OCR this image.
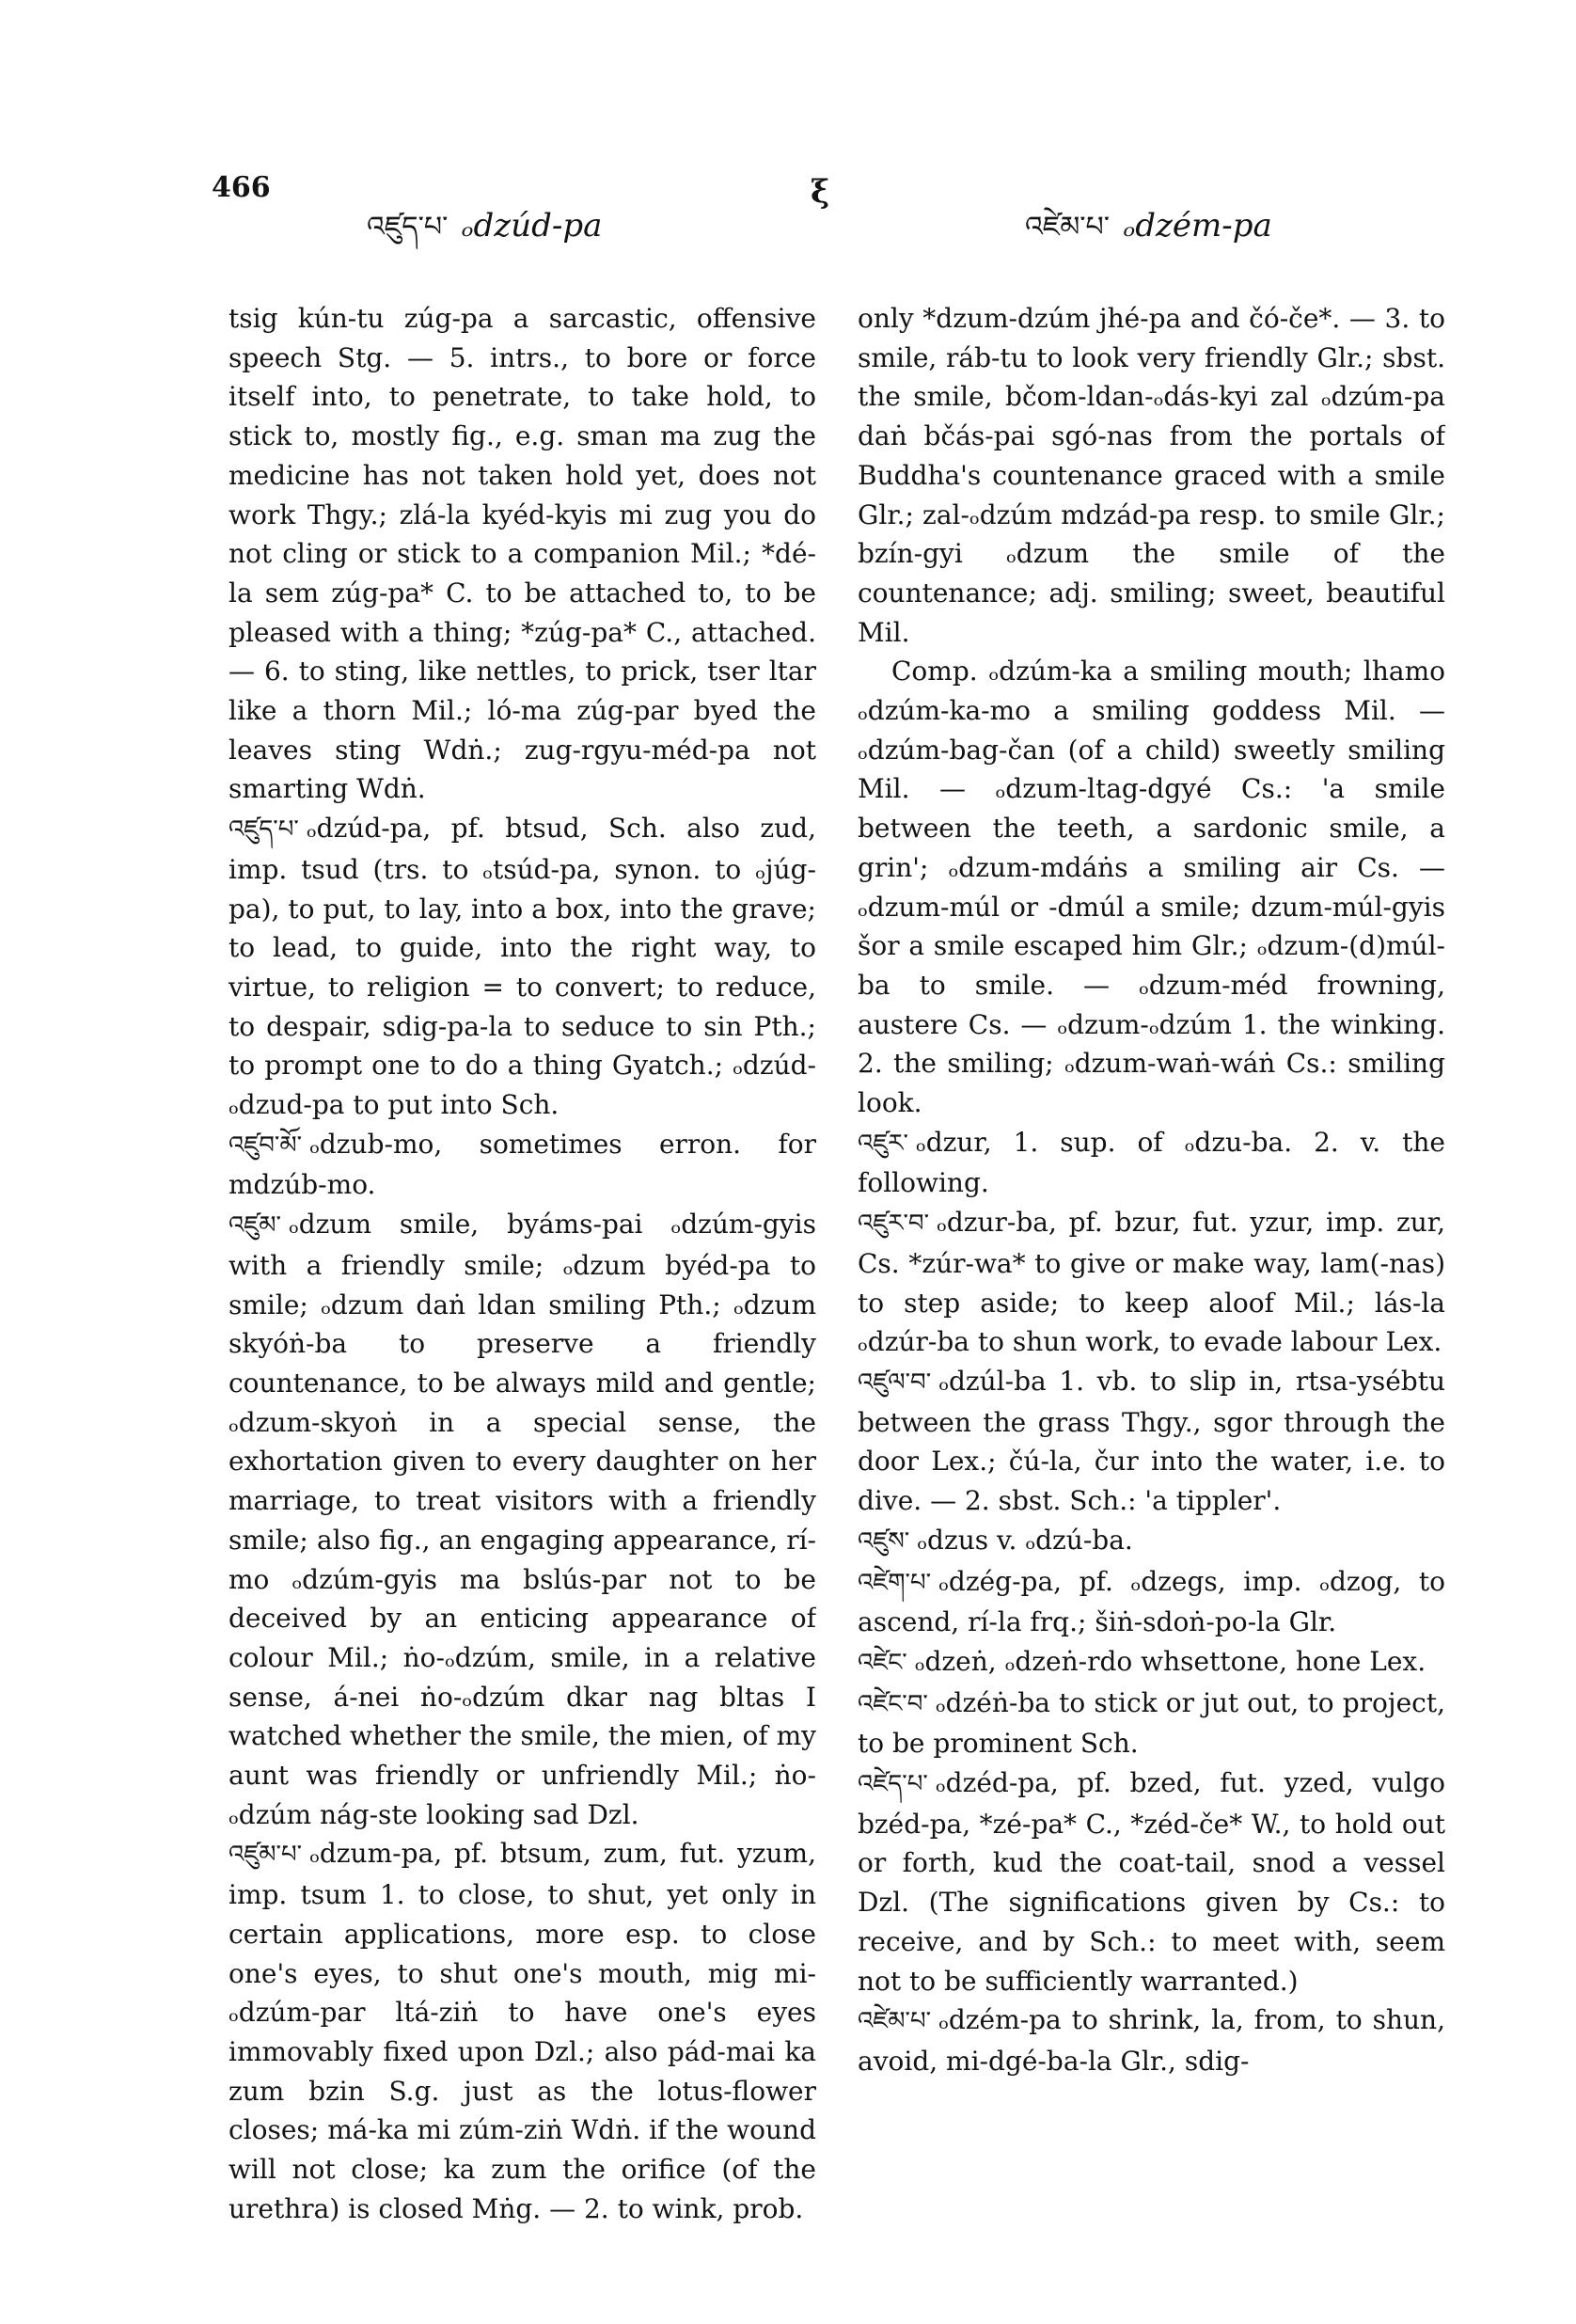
466
འཛུད་པ་ ₒdzúd-pa
ξ
འཛེམ་པ་ ₒdzém-pa

tsig kún-tu zúg-pa a sarcastic, offensive speech Stg. — 5. intrs., to bore or force itself into, to penetrate, to take hold, to stick to, mostly fig., e.g. sman ma zug the medicine has not taken hold yet, does not work Thgy.; zlá-la kyéd-kyis mi zug you do not cling or stick to a companion Mil.; *dé-la sem zúg-pa* C. to be attached to, to be pleased with a thing; *zúg-pa* C., attached. — 6. to sting, like nettles, to prick, tser ltar like a thorn Mil.; ló-ma zúg-par byed the leaves sting Wdṅ.; zug-rgyu-méd-pa not smarting Wdṅ.

འཛུད་པ་ ₒdzúd-pa, pf. btsud, Sch. also zud, imp. tsud (trs. to ₒtsúd-pa, synon. to ₒjúg-pa), to put, to lay, into a box, into the grave; to lead, to guide, into the right way, to virtue, to religion = to convert; to reduce, to despair, sdig-pa-la to seduce to sin Pth.; to prompt one to do a thing Gyatch.; ₒdzúd-ₒdzud-pa to put into Sch.

འཛུབ་མོ་ ₒdzub-mo, sometimes erron. for mdzúb-mo.

འཛུམ་ ₒdzum smile, byáms-pai ₒdzúm-gyis with a friendly smile; ₒdzum byéd-pa to smile; ₒdzum daṅ ldan smiling Pth.; ₒdzum skyóṅ-ba to preserve a friendly countenance, to be always mild and gentle; ₒdzum-skyoṅ in a special sense, the exhortation given to every daughter on her marriage, to treat visitors with a friendly smile; also fig., an engaging appearance, rí-mo ₒdzúm-gyis ma bslús-par not to be deceived by an enticing appearance of colour Mil.; ṅo-ₒdzúm, smile, in a relative sense, á-nei ṅo-ₒdzúm dkar nag bltas I watched whether the smile, the mien, of my aunt was friendly or unfriendly Mil.; ṅo-ₒdzúm nág-ste looking sad Dzl.

འཛུམ་པ་ ₒdzum-pa, pf. btsum, zum, fut. yzum, imp. tsum 1. to close, to shut, yet only in certain applications, more esp. to close one's eyes, to shut one's mouth, mig mi-ₒdzúm-par ltá-ziṅ to have one's eyes immovably fixed upon Dzl.; also pád-mai ka zum bzin S.g. just as the lotus-flower closes; má-ka mi zúm-ziṅ Wdṅ. if the wound will not close; ka zum the orifice (of the urethra) is closed Mṅg. — 2. to wink, prob.

only *dzum-dzúm jhé-pa and čó-če*. — 3. to smile, ráb-tu to look very friendly Glr.; sbst. the smile, bčom-ldan-ₒdás-kyi zal ₒdzúm-pa daṅ bčás-pai sgó-nas from the portals of Buddha's countenance graced with a smile Glr.; zal-ₒdzúm mdzád-pa resp. to smile Glr.; bzín-gyi ₒdzum the smile of the countenance; adj. smiling; sweet, beautiful Mil.

Comp. ₒdzúm-ka a smiling mouth; lhamo ₒdzúm-ka-mo a smiling goddess Mil. — ₒdzúm-bag-čan (of a child) sweetly smiling Mil. — ₒdzum-ltag-dgyé Cs.: 'a smile between the teeth, a sardonic smile, a grin'; ₒdzum-mdáṅs a smiling air Cs. — ₒdzum-múl or -dmúl a smile; dzum-múl-gyis šor a smile escaped him Glr.; ₒdzum-(d)múl-ba to smile. — ₒdzum-méd frowning, austere Cs. — ₒdzum-ₒdzúm 1. the winking. 2. the smiling; ₒdzum-waṅ-wáṅ Cs.: smiling look.

འཛུར་ ₒdzur, 1. sup. of ₒdzu-ba. 2. v. the following.

འཛུར་བ་ ₒdzur-ba, pf. bzur, fut. yzur, imp. zur, Cs. *zúr-wa* to give or make way, lam(-nas) to step aside; to keep aloof Mil.; lás-la ₒdzúr-ba to shun work, to evade labour Lex.

འཛུལ་བ་ ₒdzúl-ba 1. vb. to slip in, rtsa-ysébtu between the grass Thgy., sgor through the door Lex.; čú-la, čur into the water, i.e. to dive. — 2. sbst. Sch.: 'a tippler'.

འཛུས་ ₒdzus v. ₒdzú-ba.

འཛེག་པ་ ₒdzég-pa, pf. ₒdzegs, imp. ₒdzog, to ascend, rí-la frq.; šiṅ-sdoṅ-po-la Glr.

འཛེང་ ₒdzeṅ, ₒdzeṅ-rdo whsettone, hone Lex.

འཛེང་བ་ ₒdzéṅ-ba to stick or jut out, to project, to be prominent Sch.

འཛེད་པ་ ₒdzéd-pa, pf. bzed, fut. yzed, vulgo bzéd-pa, *zé-pa* C., *zéd-če* W., to hold out or forth, kud the coat-tail, snod a vessel Dzl. (The significations given by Cs.: to receive, and by Sch.: to meet with, seem not to be sufficiently warranted.)

འཛེམ་པ་ ₒdzém-pa to shrink, la, from, to shun, avoid, mi-dgé-ba-la Glr., sdig-
